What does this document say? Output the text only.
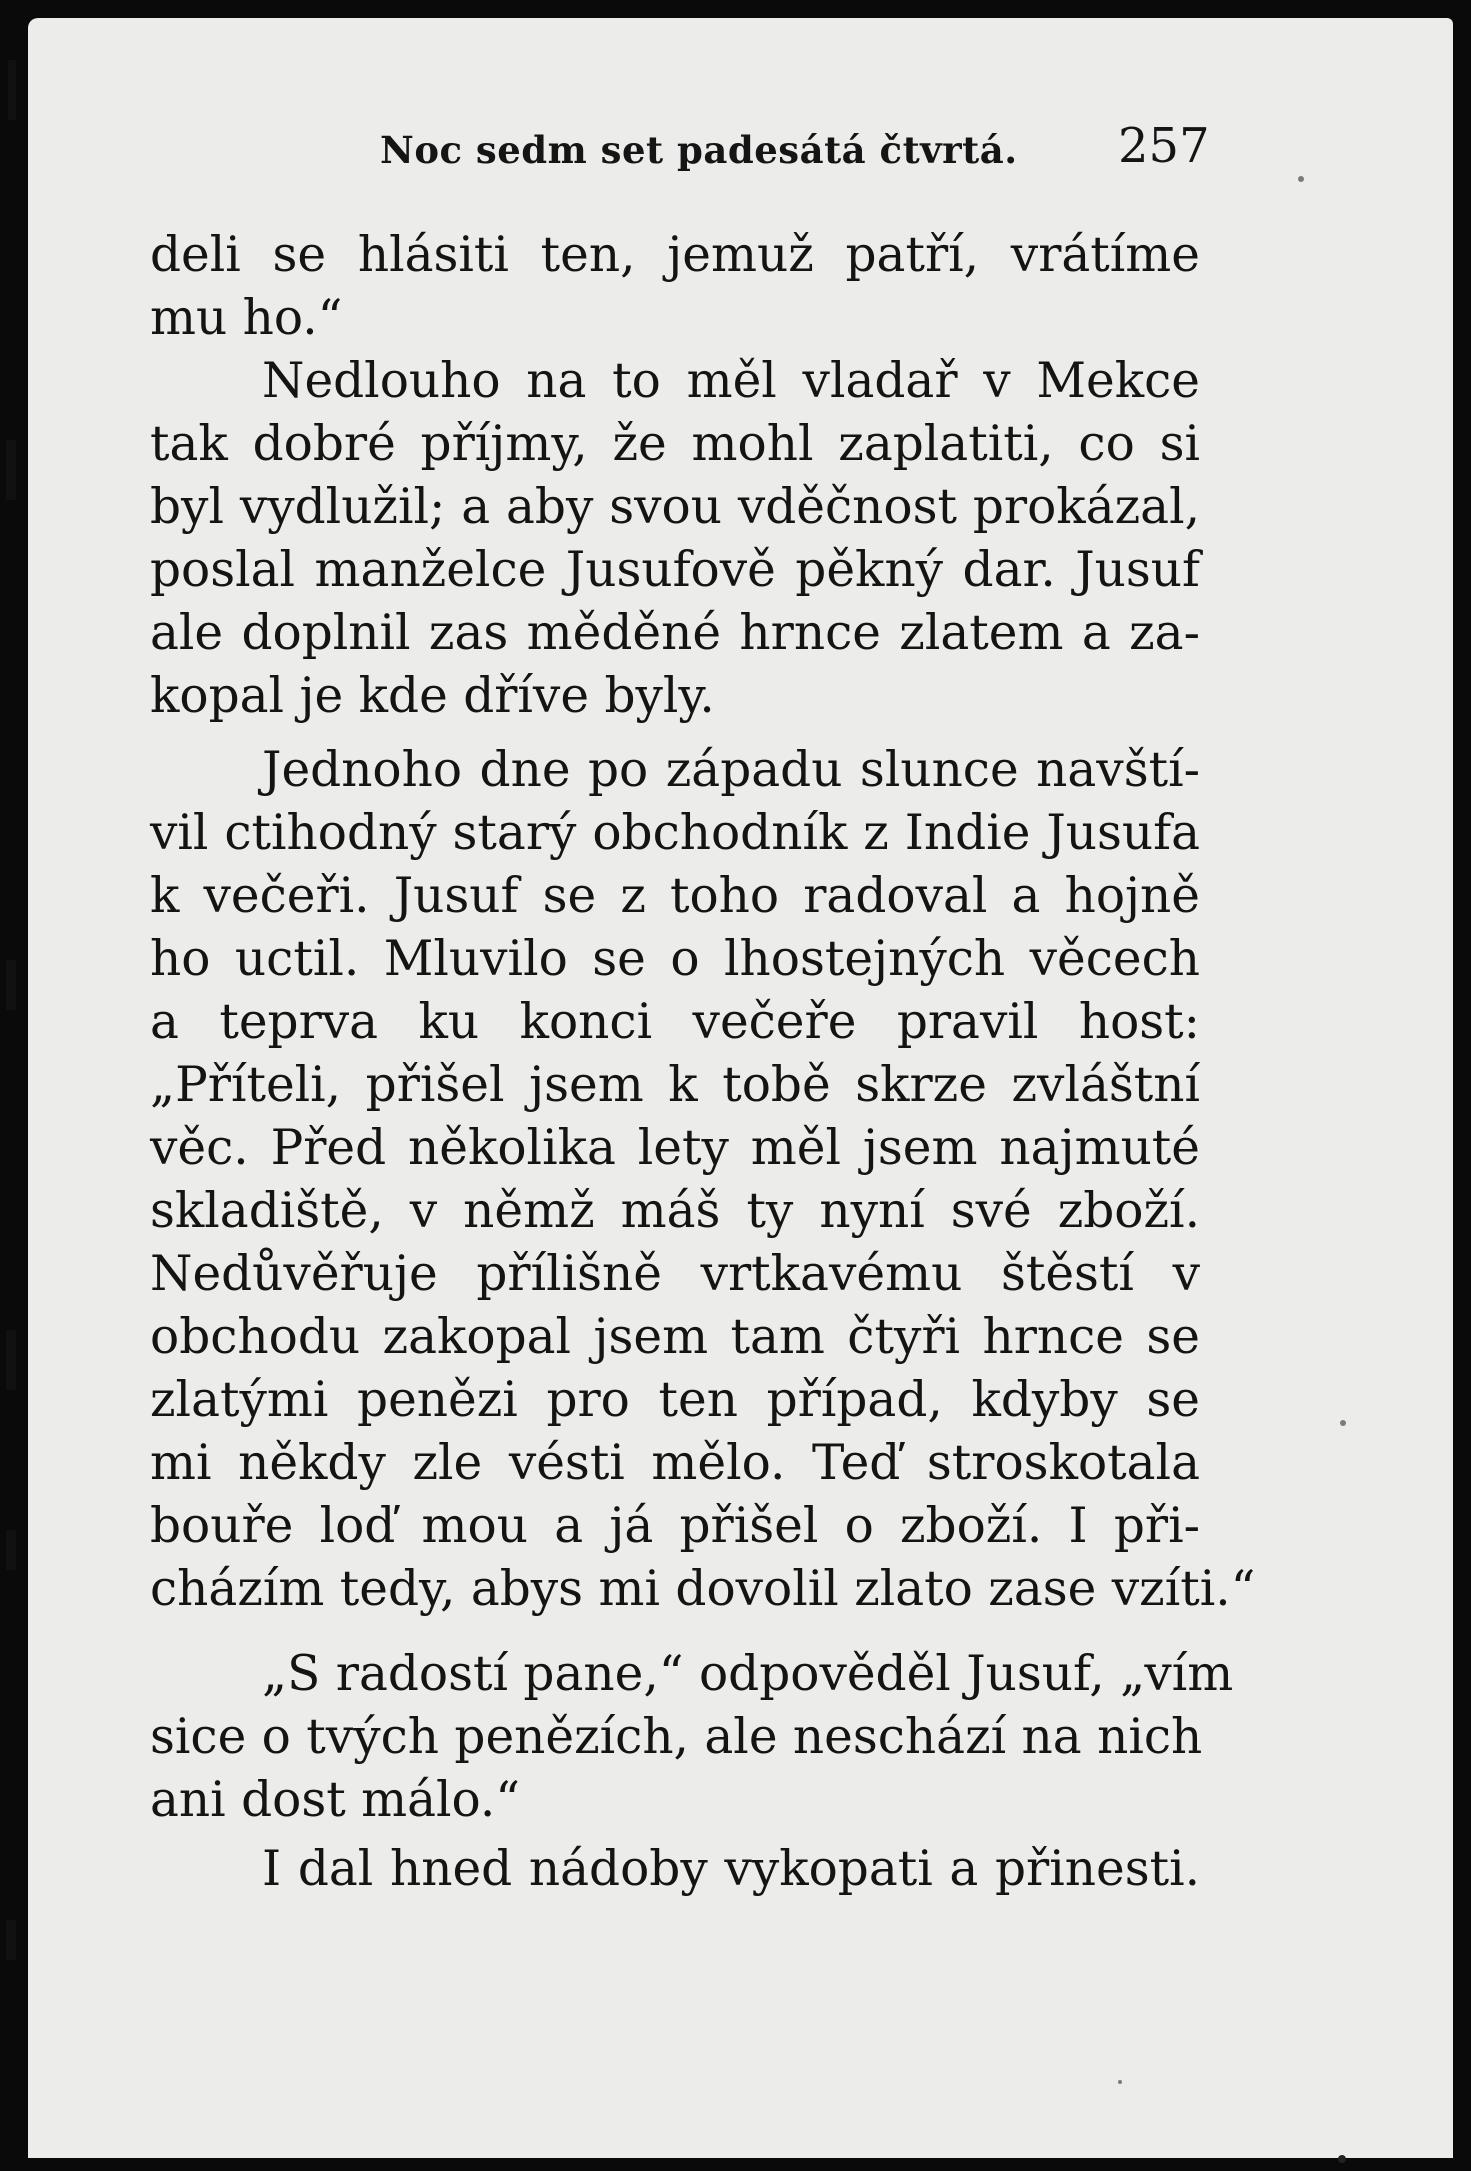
Noc sedm set padesátá čtvrtá. 257
deli se hlásiti ten, jemuž patří, vrátíme
mu ho.“
Nedlouho na to měl vladař v Mekce
tak dobré příjmy, že mohl zaplatiti, co si
byl vydlužil; a aby svou vděčnost prokázal,
poslal manželce Jusufově pěkný dar. Jusuf
ale doplnil zas měděné hrnce zlatem a za-
kopal je kde dříve byly.
Jednoho dne po západu slunce navští-
vil ctihodný starý obchodník z Indie Jusufa
k večeři. Jusuf se z toho radoval a hojně
ho uctil. Mluvilo se o lhostejných věcech
a teprva ku konci večeře pravil host:
„Příteli, přišel jsem k tobě skrze zvláštní
věc. Před několika lety měl jsem najmuté
skladiště, v němž máš ty nyní své zboží.
Nedůvěřuje přílišně vrtkavému štěstí v
obchodu zakopal jsem tam čtyři hrnce se
zlatými penězi pro ten případ, kdyby se
mi někdy zle vésti mělo. Teď stroskotala
bouře loď mou a já přišel o zboží. I při-
cházím tedy, abys mi dovolil zlato zase vzíti.“
„S radostí pane,“ odpověděl Jusuf, „vím
sice o tvých penězích, ale neschází na nich
ani dost málo.“
I dal hned nádoby vykopati a přinesti.
